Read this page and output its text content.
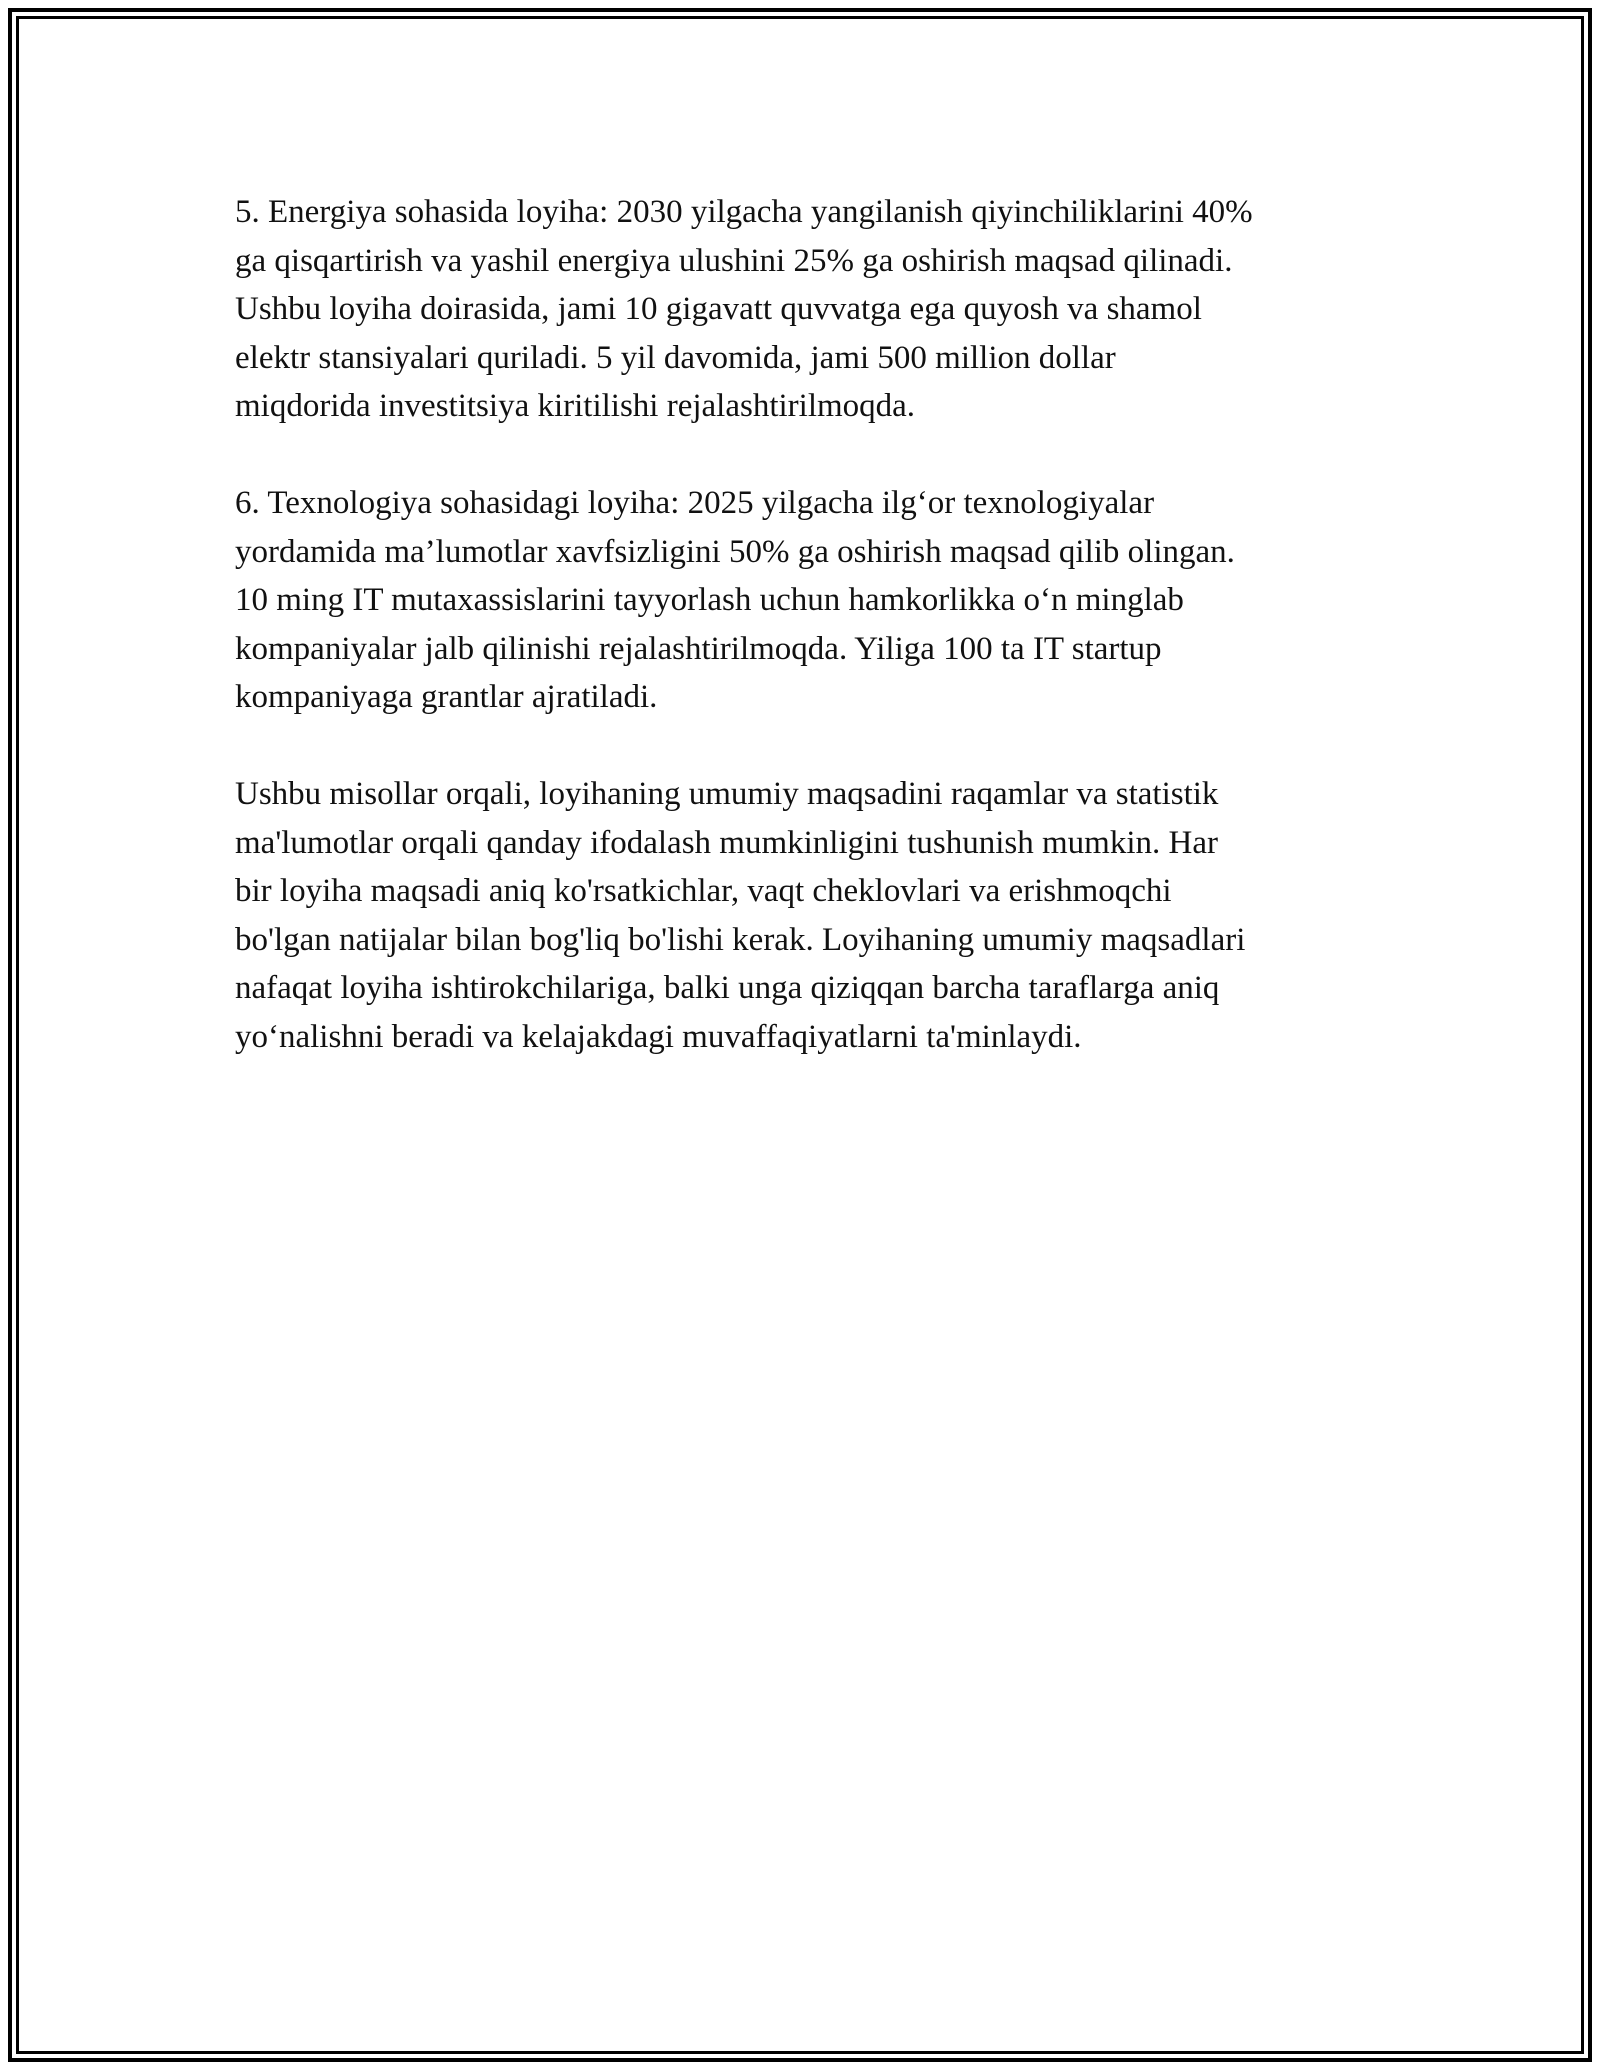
5. Energiya sohasida loyiha: 2030 yilgacha yangilanish qiyinchiliklarini 40%
ga qisqartirish va yashil energiya ulushini 25% ga oshirish maqsad qilinadi.
Ushbu loyiha doirasida, jami 10 gigavatt quvvatga ega quyosh va shamol
elektr stansiyalari quriladi. 5 yil davomida, jami 500 million dollar
miqdorida investitsiya kiritilishi rejalashtirilmoqda.

6. Texnologiya sohasidagi loyiha: 2025 yilgacha ilg‘or texnologiyalar
yordamida ma’lumotlar xavfsizligini 50% ga oshirish maqsad qilib olingan.
10 ming IT mutaxassislarini tayyorlash uchun hamkorlikka o‘n minglab
kompaniyalar jalb qilinishi rejalashtirilmoqda. Yiliga 100 ta IT startup
kompaniyaga grantlar ajratiladi.

Ushbu misollar orqali, loyihaning umumiy maqsadini raqamlar va statistik
ma'lumotlar orqali qanday ifodalash mumkinligini tushunish mumkin. Har
bir loyiha maqsadi aniq ko'rsatkichlar, vaqt cheklovlari va erishmoqchi
bo'lgan natijalar bilan bog'liq bo'lishi kerak. Loyihaning umumiy maqsadlari
nafaqat loyiha ishtirokchilariga, balki unga qiziqqan barcha taraflarga aniq
yo‘nalishni beradi va kelajakdagi muvaffaqiyatlarni ta'minlaydi.
